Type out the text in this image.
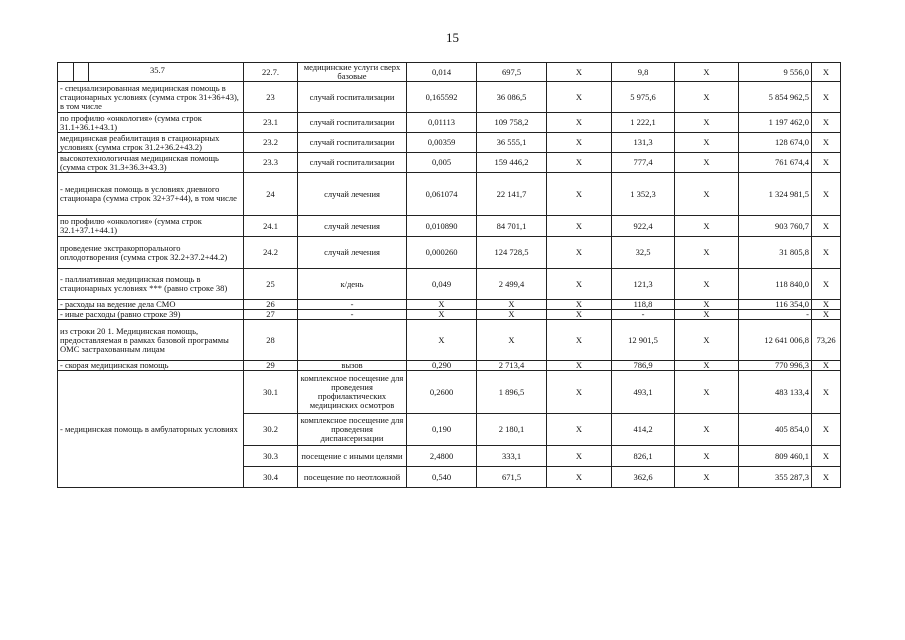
15
35.7	22.7.	медицинские услуги сверх базовые	0,014	697,5	X	9,8	X	9 556,0	X
- специализированная медицинская помощь в стационарных условиях (сумма строк 31+36+43), в том числе	23	случай госпитализации	0,165592	36 086,5	X	5 975,6	X	5 854 962,5	X
по профилю «онкология» (сумма строк 31.1+36.1+43.1)	23.1	случай госпитализации	0,01113	109 758,2	X	1 222,1	X	1 197 462,0	X
медицинская реабилитация в стационарных условиях (сумма строк 31.2+36.2+43.2)	23.2	случай госпитализации	0,00359	36 555,1	X	131,3	X	128 674,0	X
высокотехнологичная медицинская помощь (сумма строк 31.3+36.3+43.3)	23.3	случай госпитализации	0,005	159 446,2	X	777,4	X	761 674,4	X
- медицинская помощь в условиях дневного стационара (сумма строк 32+37+44), в том числе	24	случай лечения	0,061074	22 141,7	X	1 352,3	X	1 324 981,5	X
по профилю «онкология» (сумма строк 32.1+37.1+44.1)	24.1	случай лечения	0,010890	84 701,1	X	922,4	X	903 760,7	X
проведение экстракорпорального оплодотворения (сумма строк 32.2+37.2+44.2)	24.2	случай лечения	0,000260	124 728,5	X	32,5	X	31 805,8	X
- паллиативная медицинская помощь в стационарных условиях *** (равно строке 38)	25	к/день	0,049	2 499,4	X	121,3	X	118 840,0	X
- расходы на ведение дела СМО	26	-	X	X	X	118,8	X	116 354,0	X
- иные расходы (равно строке 39)	27	-	X	X	X	-	X	-	X
из строки 20 1. Медицинская помощь, предоставляемая в рамках базовой программы ОМС застрахованным лицам	28		X	X	X	12 901,5	X	12 641 006,8	73,26
- скорая медицинская помощь	29	вызов	0,290	2 713,4	X	786,9	X	770 996,3	X
- медицинская помощь в амбулаторных условиях	30.1	комплексное посещение для проведения профилактических медицинских осмотров	0,2600	1 896,5	X	493,1	X	483 133,4	X
	30.2	комплексное посещение для проведения диспансеризации	0,190	2 180,1	X	414,2	X	405 854,0	X
	30.3	посещение с иными целями	2,4800	333,1	X	826,1	X	809 460,1	X
	30.4	посещение по неотложной	0,540	671,5	X	362,6	X	355 287,3	X
